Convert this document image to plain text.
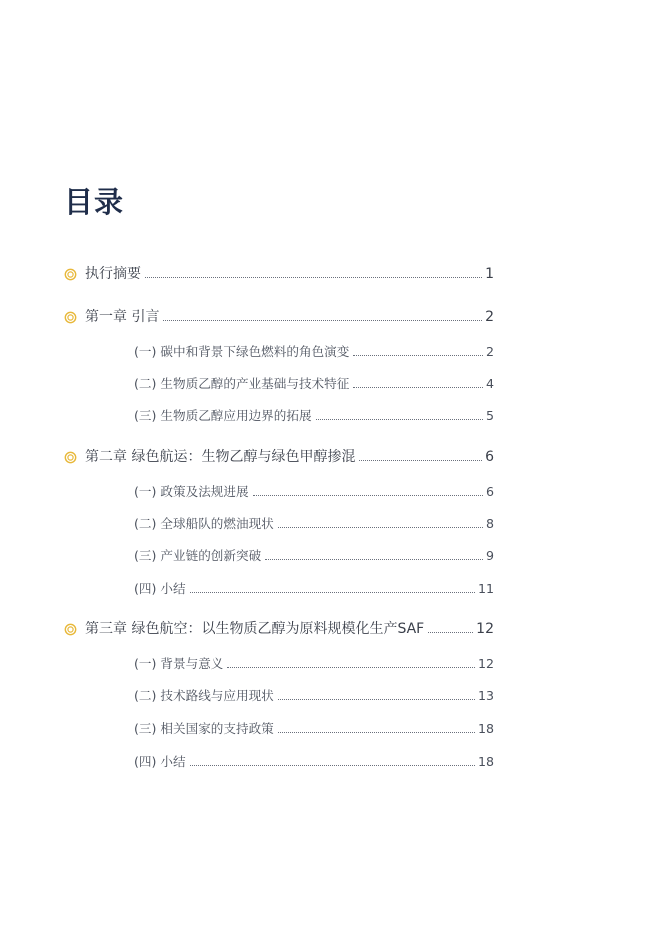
目录
执行摘要	1
第一章 引言	2
(一) 碳中和背景下绿色燃料的角色演变	2
(二) 生物质乙醇的产业基础与技术特征	4
(三) 生物质乙醇应用边界的拓展	5
第二章 绿色航运：生物乙醇与绿色甲醇掺混	6
(一) 政策及法规进展	6
(二) 全球船队的燃油现状	8
(三) 产业链的创新突破	9
(四) 小结	11
第三章 绿色航空：以生物质乙醇为原料规模化生产SAF	12
(一) 背景与意义	12
(二) 技术路线与应用现状	13
(三) 相关国家的支持政策	18
(四) 小结	18
